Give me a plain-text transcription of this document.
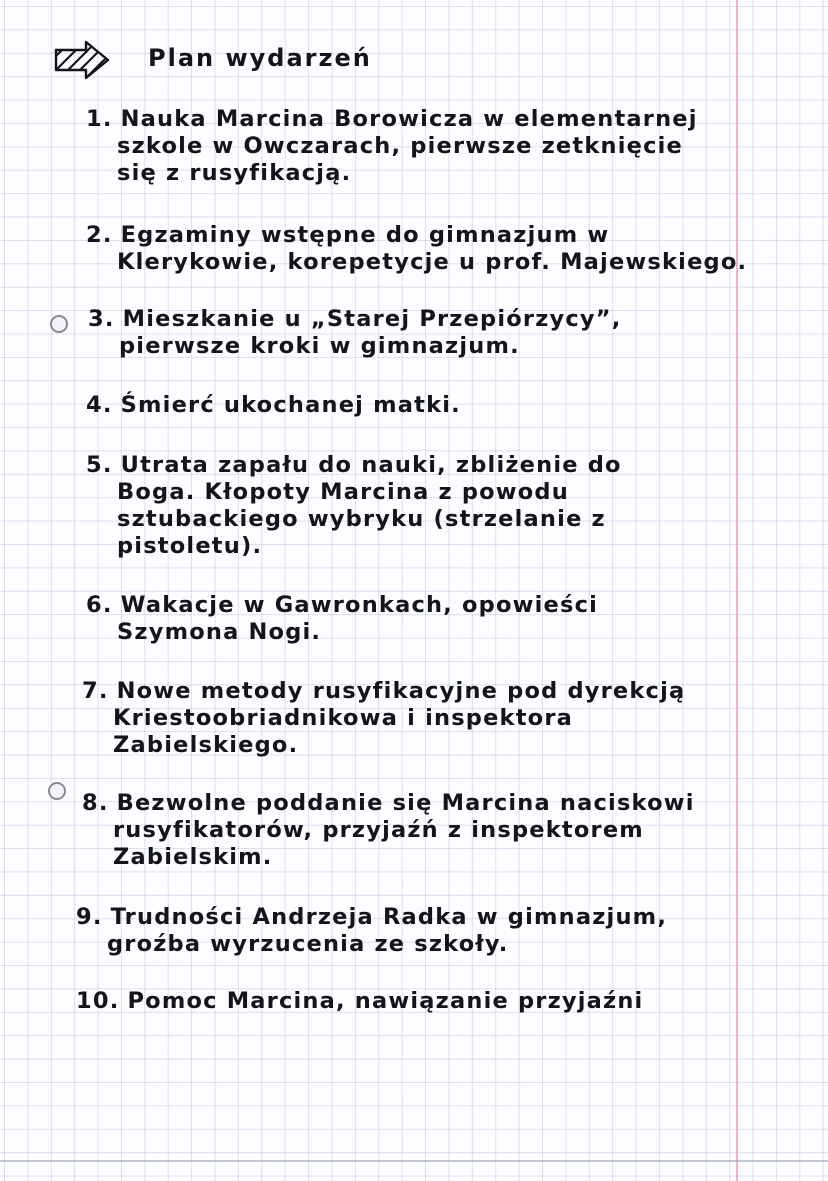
Plan wydarzeń
1. Nauka Marcina Borowicza w elementarnej
szkole w Owczarach, pierwsze zetknięcie
się z rusyfikacją.
2. Egzaminy wstępne do gimnazjum w
Klerykowie, korepetycje u prof. Majewskiego.
3. Mieszkanie u „Starej Przepiórzycy”,
pierwsze kroki w gimnazjum.
4. Śmierć ukochanej matki.
5. Utrata zapału do nauki, zbliżenie do
Boga. Kłopoty Marcina z powodu
sztubackiego wybryku (strzelanie z
pistoletu).
6. Wakacje w Gawronkach, opowieści
Szymona Nogi.
7. Nowe metody rusyfikacyjne pod dyrekcją
Kriestoobriadnikowa i inspektora
Zabielskiego.
8. Bezwolne poddanie się Marcina naciskowi
rusyfikatorów, przyjaźń z inspektorem
Zabielskim.
9. Trudności Andrzeja Radka w gimnazjum,
groźba wyrzucenia ze szkoły.
10. Pomoc Marcina, nawiązanie przyjaźni
